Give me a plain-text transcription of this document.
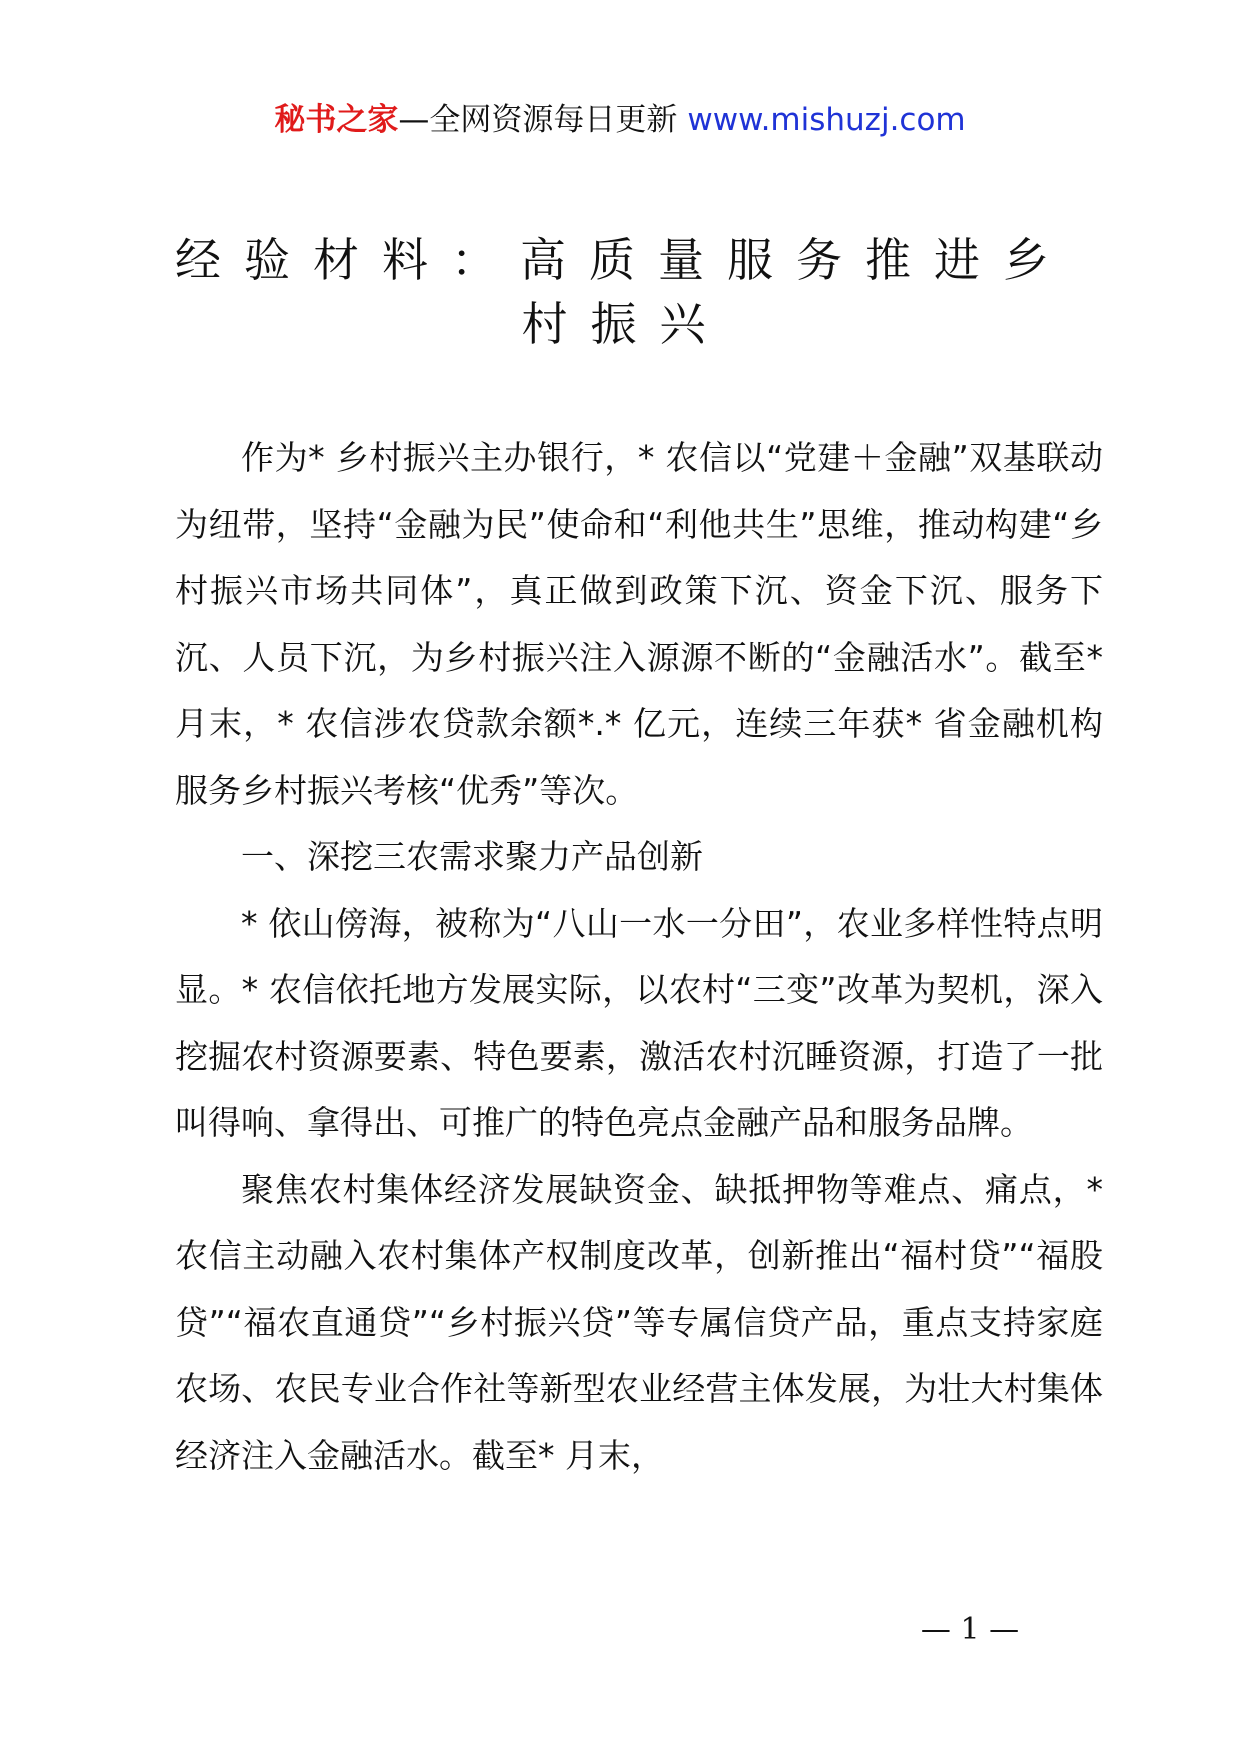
秘书之家—全网资源每日更新 www.mishuzj.com
经验材料：高质量服务推进乡
村振兴

作为* 乡村振兴主办银行，* 农信以“党建＋金融”双基联动为纽带，坚持“金融为民”使命和“利他共生”思维，推动构建“乡村振兴市场共同体”，真正做到政策下沉、资金下沉、服务下沉、人员下沉，为乡村振兴注入源源不断的“金融活水”。截至* 月末，* 农信涉农贷款余额*.* 亿元，连续三年获* 省金融机构服务乡村振兴考核“优秀”等次。

一、深挖三农需求聚力产品创新

* 依山傍海，被称为“八山一水一分田”，农业多样性特点明显。* 农信依托地方发展实际，以农村“三变”改革为契机，深入挖掘农村资源要素、特色要素，激活农村沉睡资源，打造了一批叫得响、拿得出、可推广的特色亮点金融产品和服务品牌。

聚焦农村集体经济发展缺资金、缺抵押物等难点、痛点，* 农信主动融入农村集体产权制度改革，创新推出“福村贷”“福股贷”“福农直通贷”“乡村振兴贷”等专属信贷产品，重点支持家庭农场、农民专业合作社等新型农业经营主体发展，为壮大村集体经济注入金融活水。截至* 月末，

— 1 —
